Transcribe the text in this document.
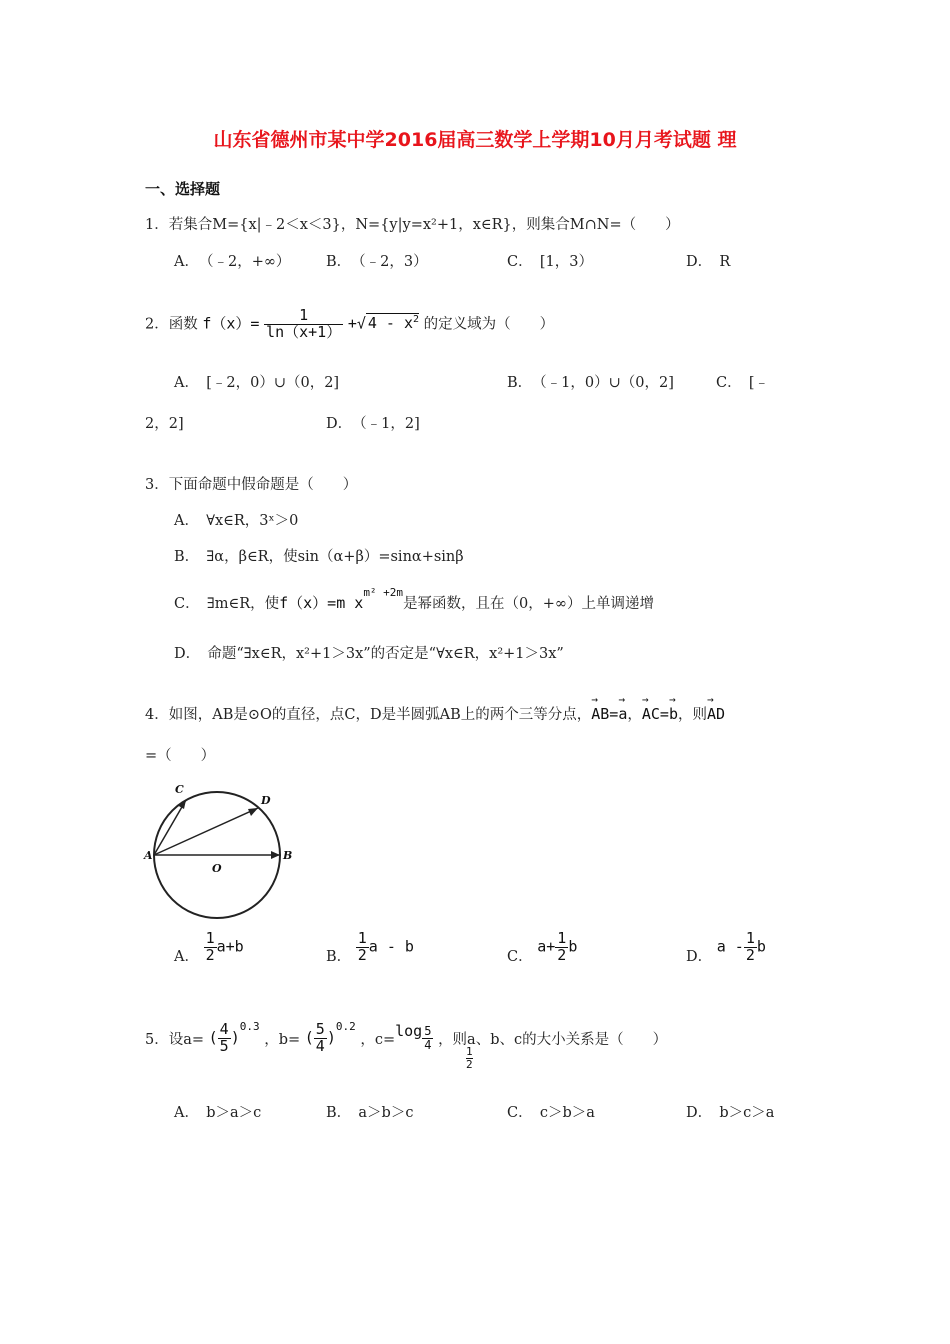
山东省德州市某中学2016届高三数学上学期10月月考试题 理
一、选择题
1．若集合M={x|﹣2＜x＜3}，N={y|y=x²+1，x∈R}，则集合M∩N=（　　）
A．　（﹣2，+∞） B．　（﹣2，3）	C．　[1，3）	D．　R
2．函数 $f(x)= \frac{1}{\ln(x+1)}$ +√ $4 - x^2$ 的定义域为（　　）
A．　[﹣2，0）∪（0，2]	B．　（﹣1，0）∪（0，2]	C．　[﹣
2，2]	D．　（﹣1，2]
3．下面命题中假命题是（　　）
A．　∀x∈R，3ˣ＞0
B．　∃α，β∈R，使sin（α+β）=sinα+sinβ
C．　∃m∈R，使f（x）=m $x^{m^2 +2m}$是幂函数，且在（0，+∞）上单调递增
D．　命题“∃x∈R，x²+1＞3x”的否定是“∀x∈R，x²+1＞3x”
4．如图，AB是⊙O的直径，点C，D是半圆弧AB上的两个三等分点，→ AB=→ a，→ AC=→ b，则→ AD
=（　　）
A	B
C
D
O
A． $\frac{1}{2} a+b$
B． $\frac{1}{2}$ a - b
C． $a+ \frac{1}{2}$ b
D． a - $\frac{1}{2}$ b
5．设a= ( $\frac{4}{5} )^{0.3}$ ，b= ( $\frac{5}{4} )^{0.2}$ ，$c=\log \frac{5}{4}$ ，则a、b、c的大小关系是（　　）
$\frac{1}{2}$
A．　b＞a＞c	B．　a＞b＞c	C．　c＞b＞a	D．　b＞c＞a
